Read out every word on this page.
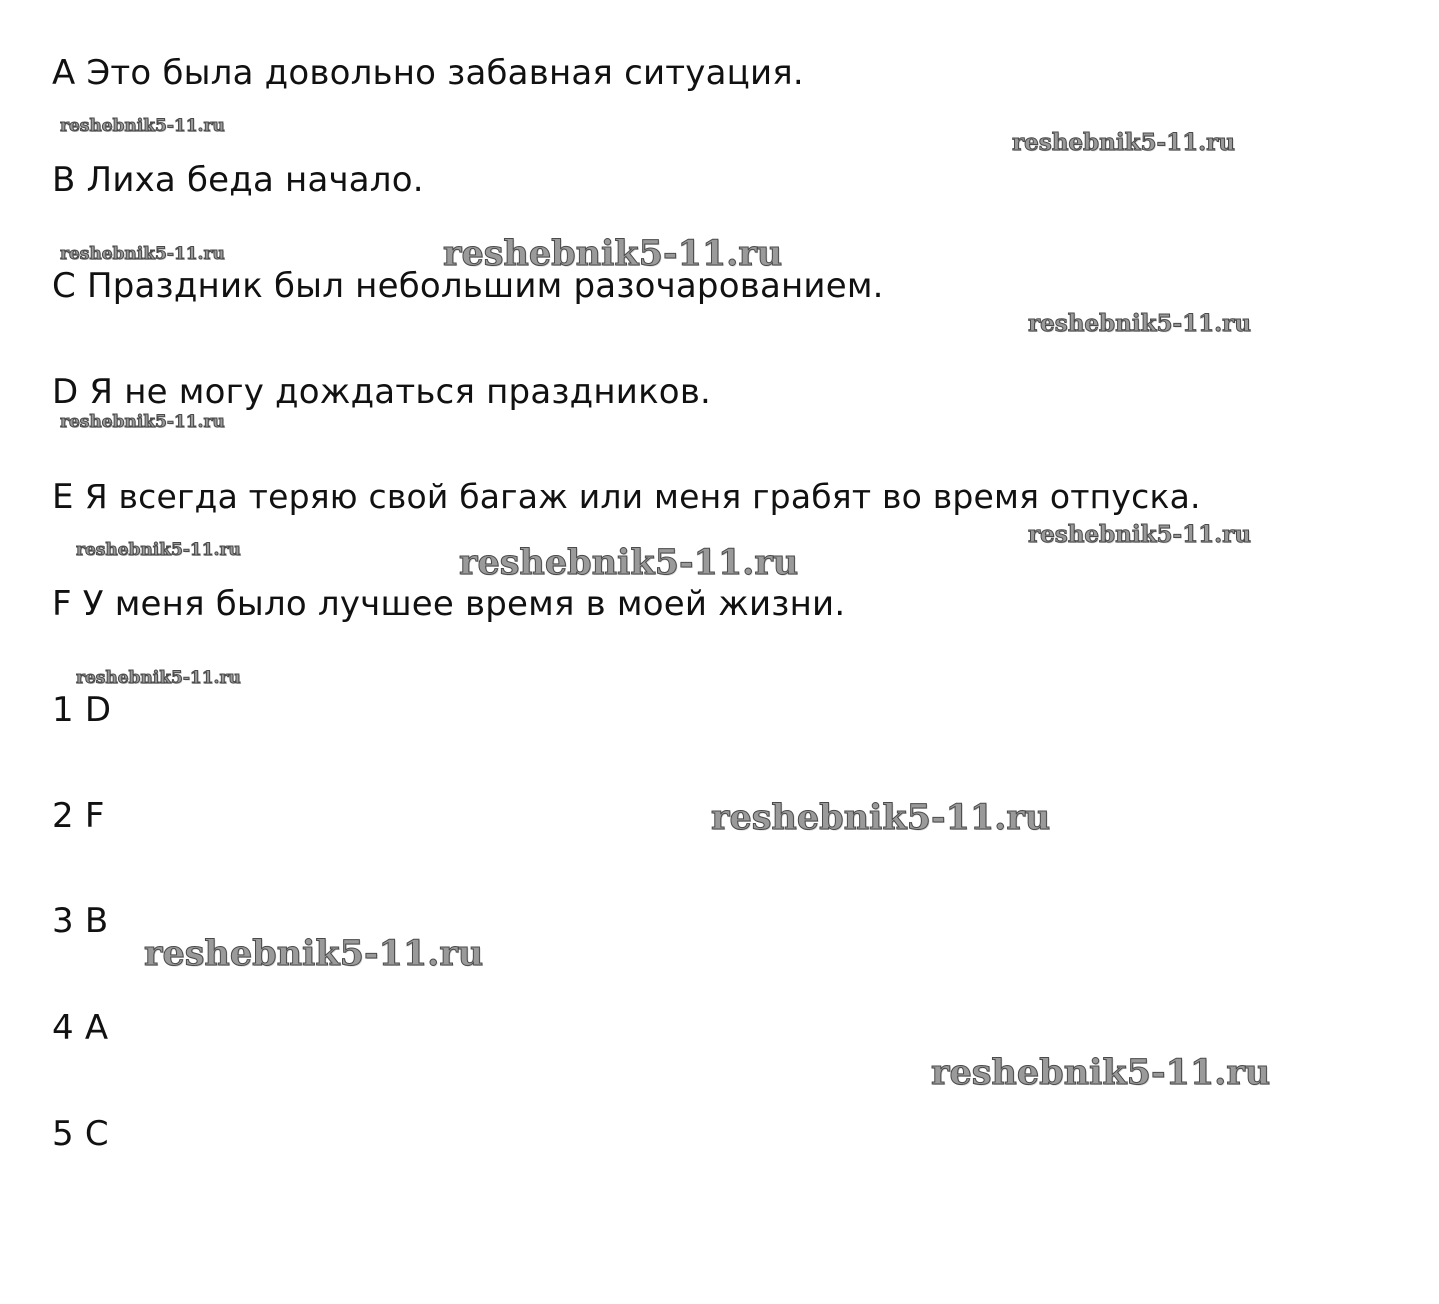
A Это была довольно забавная ситуация.
B Лиха беда начало.
C Праздник был небольшим разочарованием.
D Я не могу дождаться праздников.
E Я всегда теряю свой багаж или меня грабят во время отпуска.
F У меня было лучшее время в моей жизни.
1 D
2 F
3 B
4 A
5 C
reshebnik5-11.ru
reshebnik5-11.ru
reshebnik5-11.ru	reshebnik5-11.ru
reshebnik5-11.ru
reshebnik5-11.ru
reshebnik5-11.ru
reshebnik5-11.ru	reshebnik5-11.ru
reshebnik5-11.ru
reshebnik5-11.ru
reshebnik5-11.ru
reshebnik5-11.ru
